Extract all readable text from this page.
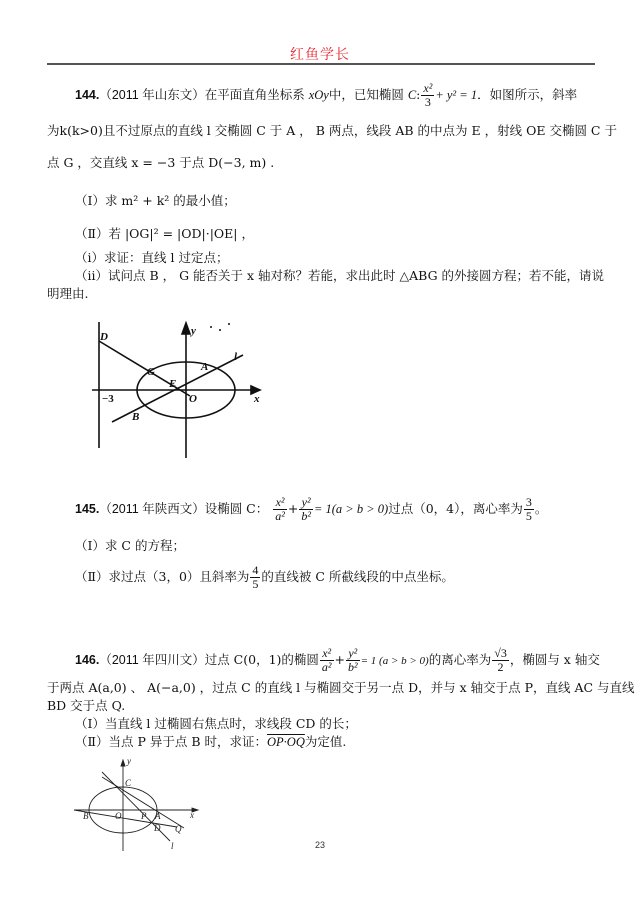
红鱼学长
144.（2011 年山东文）在平面直角坐标系 xOy中，已知椭圆 C: $\frac{\text{x²}}{3} + y^2 = 1$．如图所示，斜率
为k(k>0)且不过原点的直线 l 交椭圆 C 于 A ， B 两点，线段 AB 的中点为 E ，射线 OE 交椭圆 C 于
点 G ，交直线 x = −3 于点 D(−3, m) .
（Ⅰ）求 m² + k² 的最小值；
（Ⅱ）若 |OG|² = |OD|·|OE| ，
（i）求证：直线 l 过定点；
（ii）试问点 B ， G 能否关于 x 轴对称？若能，求出此时 △ABG 的外接圆方程；若不能，请说
明理由.
D
G
E
A
l
O
B
−3
y
x
145.（2011 年陕西文）设椭圆 C： $\frac{\text{x²}}{\text{a²}} + \frac{\text{y²}}{\text{b²}} = 1(a > b > 0)$过点（0，4），离心率为 $\frac{3}{5}$ 。
（Ⅰ）求 C 的方程；
（Ⅱ）求过点（3，0）且斜率为 $\frac{4}{5}$ 的直线被 C 所截线段的中点坐标。
146.（2011 年四川文）过点 C(0，1)的椭圆 $\frac{\text{x²}}{\text{a²}} + \frac{\text{y²}}{\text{b²}} = 1$ (a > b > 0)的离心率为 $\frac{√3}{2}$ ，椭圆与 x 轴交
于两点 A(a,0) 、 A(−a,0) ，过点 C 的直线 l 与椭圆交于另一点 D，并与 x 轴交于点 P，直线 AC 与直线
BD 交于点 Q.
（I）当直线 l 过椭圆右焦点时，求线段 CD 的长；
（Ⅱ）当点 P 异于点 B 时，求证：OP·OQ为定值.
y
C
B	O P A	x
D Q
l	23
